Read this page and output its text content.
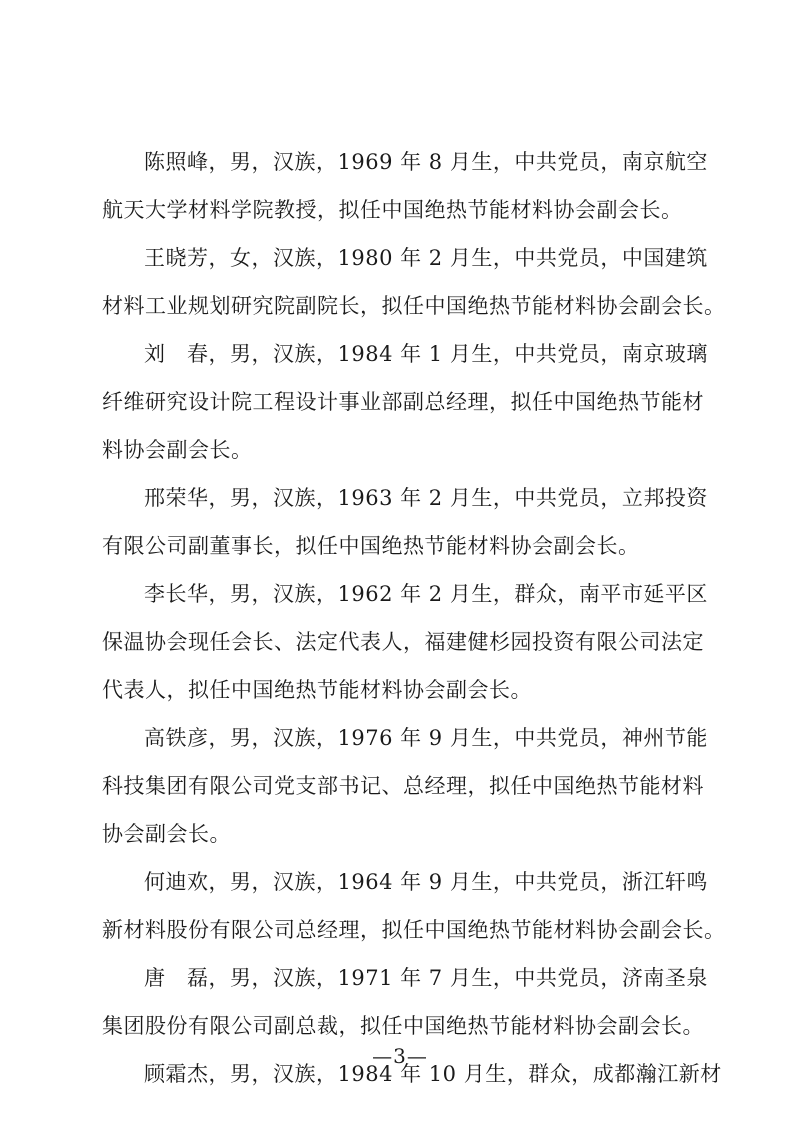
陈照峰，男，汉族，1969 年 8 月生，中共党员，南京航空
航天大学材料学院教授，拟任中国绝热节能材料协会副会长。

王晓芳，女，汉族，1980 年 2 月生，中共党员，中国建筑
材料工业规划研究院副院长，拟任中国绝热节能材料协会副会长。

刘　春，男，汉族，1984 年 1 月生，中共党员，南京玻璃
纤维研究设计院工程设计事业部副总经理，拟任中国绝热节能材
料协会副会长。

邢荣华，男，汉族，1963 年 2 月生，中共党员，立邦投资
有限公司副董事长，拟任中国绝热节能材料协会副会长。

李长华，男，汉族，1962 年 2 月生，群众，南平市延平区
保温协会现任会长、法定代表人，福建健杉园投资有限公司法定
代表人，拟任中国绝热节能材料协会副会长。

高铁彦，男，汉族，1976 年 9 月生，中共党员，神州节能
科技集团有限公司党支部书记、总经理，拟任中国绝热节能材料
协会副会长。

何迪欢，男，汉族，1964 年 9 月生，中共党员，浙江轩鸣
新材料股份有限公司总经理，拟任中国绝热节能材料协会副会长。

唐　磊，男，汉族，1971 年 7 月生，中共党员，济南圣泉
集团股份有限公司副总裁，拟任中国绝热节能材料协会副会长。

顾霜杰，男，汉族，1984 年 10 月生，群众，成都瀚江新材

—3—
